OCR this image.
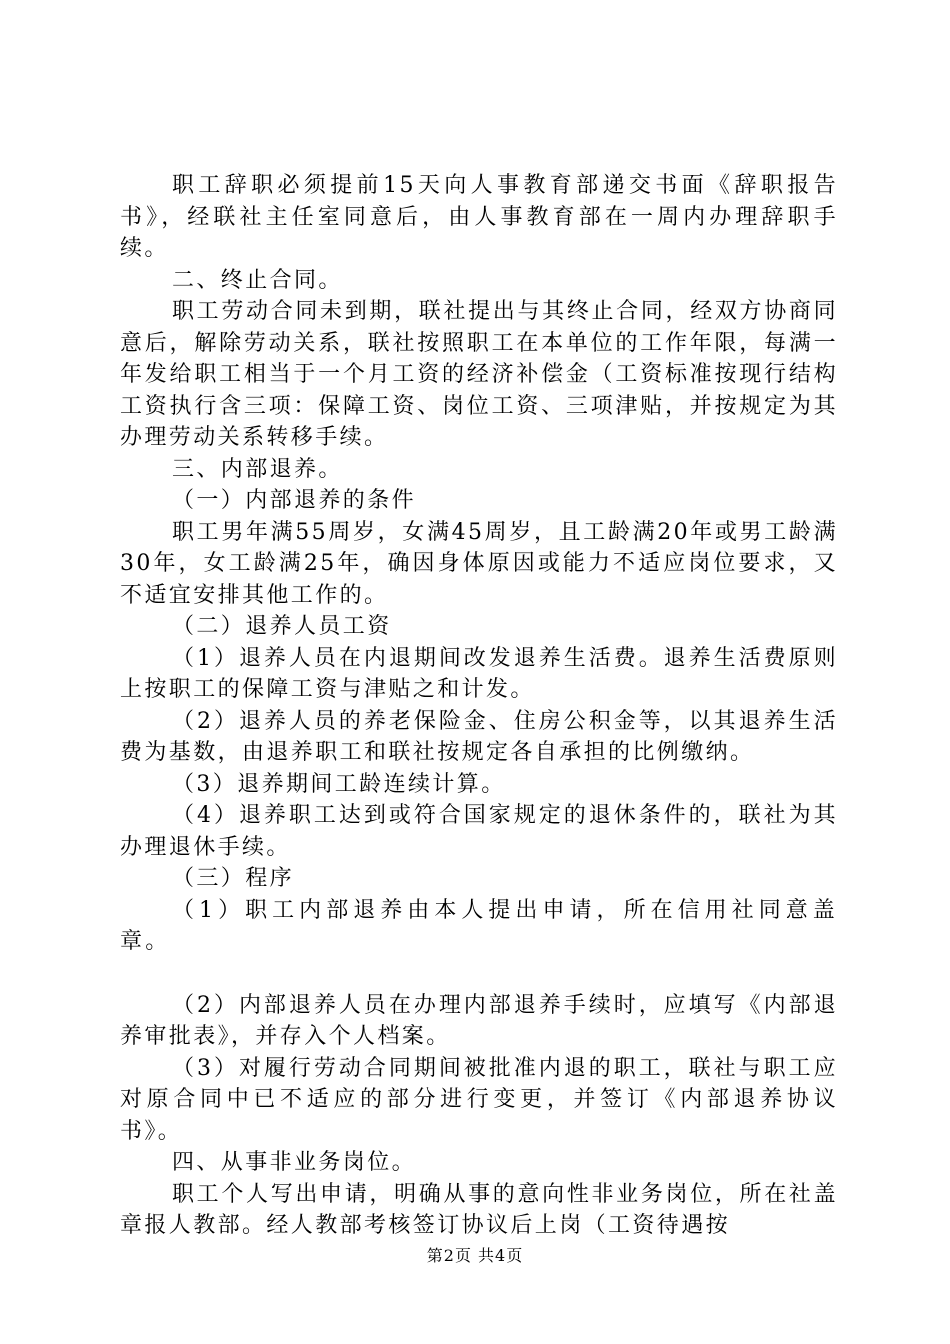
职工辞职必须提前15天向人事教育部递交书面《辞职报告书》，经联社主任室同意后，由人事教育部在一周内办理辞职手续。

二、终止合同。

职工劳动合同未到期，联社提出与其终止合同，经双方协商同意后，解除劳动关系，联社按照职工在本单位的工作年限，每满一年发给职工相当于一个月工资的经济补偿金（工资标准按现行结构工资执行含三项：保障工资、岗位工资、三项津贴，并按规定为其办理劳动关系转移手续。

三、内部退养。

（一）内部退养的条件

职工男年满55周岁，女满45周岁，且工龄满20年或男工龄满30年，女工龄满25年，确因身体原因或能力不适应岗位要求，又不适宜安排其他工作的。

（二）退养人员工资

（1）退养人员在内退期间改发退养生活费。退养生活费原则上按职工的保障工资与津贴之和计发。

（2）退养人员的养老保险金、住房公积金等，以其退养生活费为基数，由退养职工和联社按规定各自承担的比例缴纳。

（3）退养期间工龄连续计算。

（4）退养职工达到或符合国家规定的退休条件的，联社为其办理退休手续。

（三）程序

（1）职工内部退养由本人提出申请，所在信用社同意盖章。

（2）内部退养人员在办理内部退养手续时，应填写《内部退养审批表》，并存入个人档案。

（3）对履行劳动合同期间被批准内退的职工，联社与职工应对原合同中已不适应的部分进行变更，并签订《内部退养协议书》。

四、从事非业务岗位。

职工个人写出申请，明确从事的意向性非业务岗位，所在社盖章报人教部。经人教部考核签订协议后上岗（工资待遇按

第2页 共4页
